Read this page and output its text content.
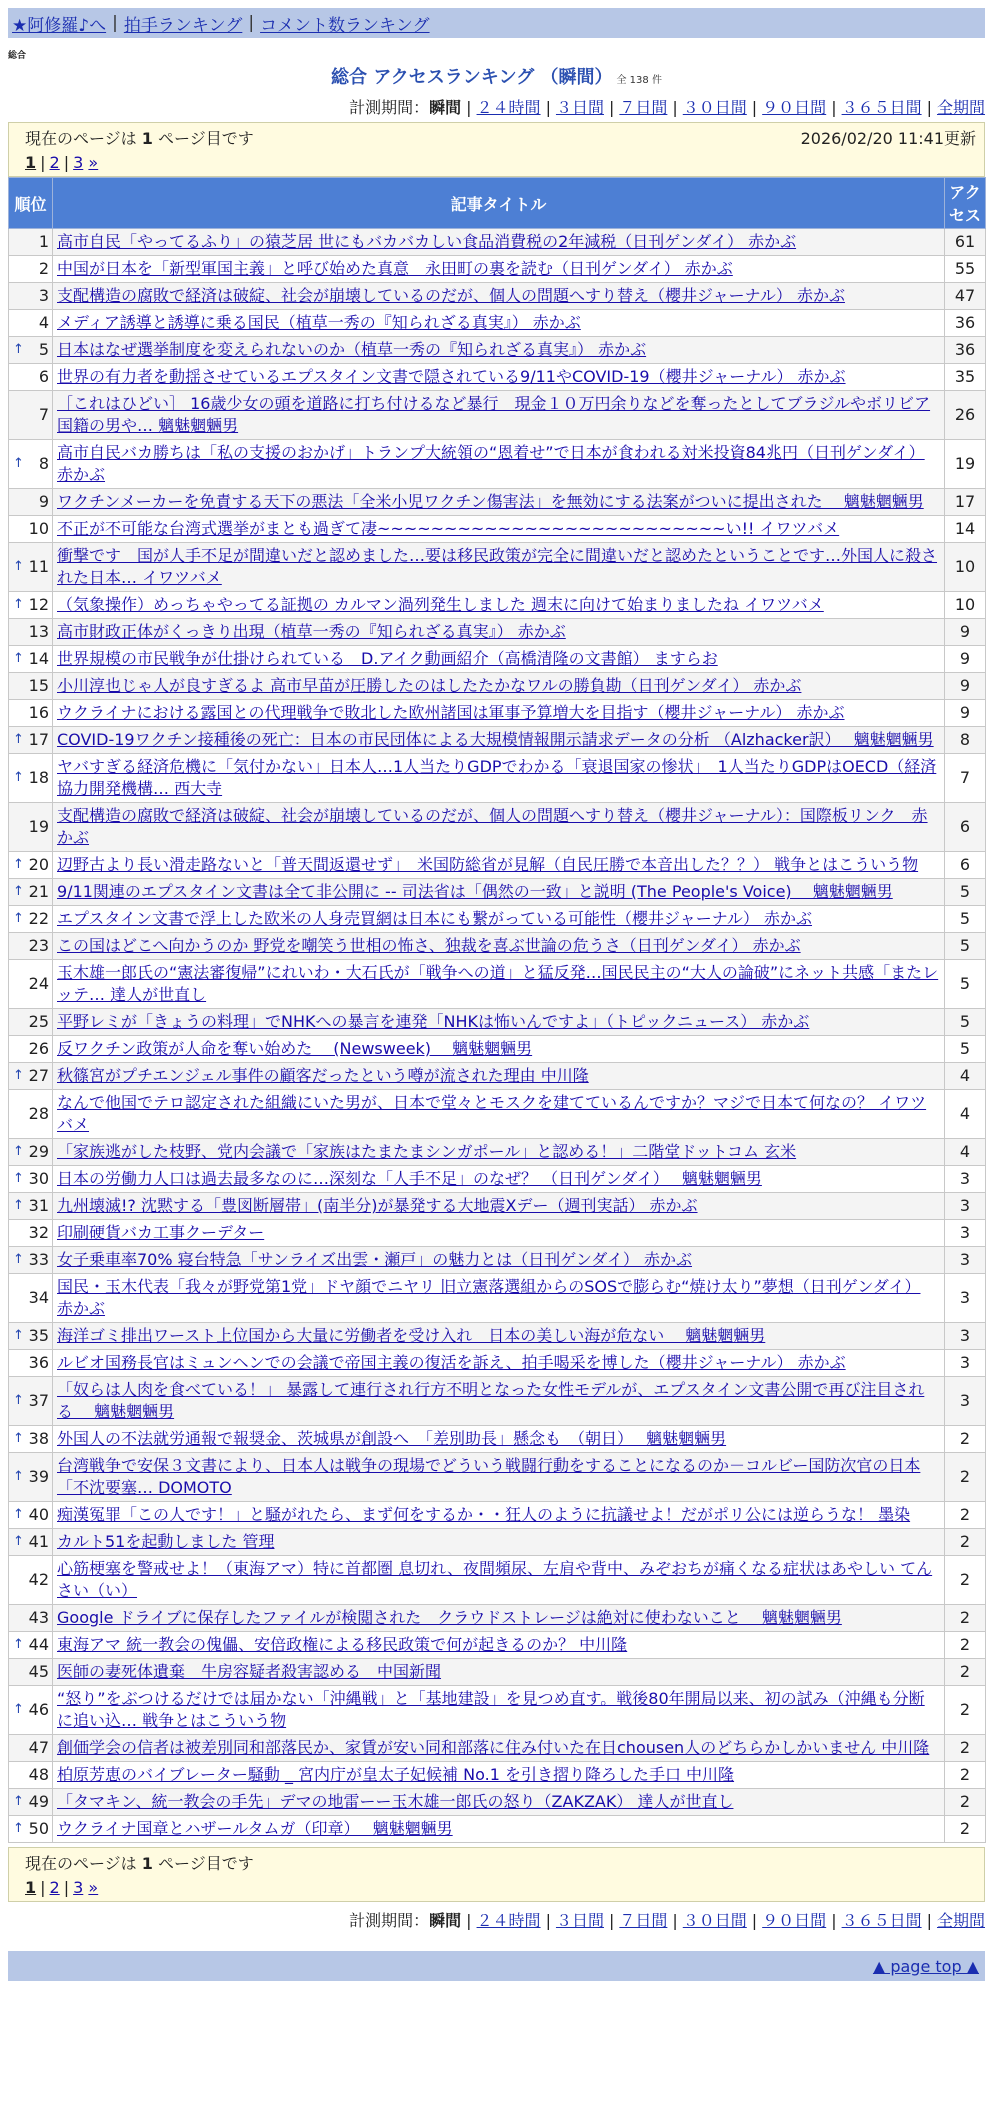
★阿修羅♪へ | 拍手ランキング | コメント数ランキング
総合
総合 アクセスランキング （瞬間） 全 138 件
計測期間：瞬間 | ２４時間 | ３日間 | ７日間 | ３０日間 | ９０日間 | ３６５日間 | 全期間
現在のページは 1 ページ目です	2026/02/20 11:41更新
1 | 2 | 3 »
順位	記事タイトル	アクセス
1	高市自民「やってるふり」の猿芝居 世にもバカバカしい食品消費税の2年減税（日刊ゲンダイ） 赤かぶ	61
2	中国が日本を「新型軍国主義」と呼び始めた真意　永田町の裏を読む（日刊ゲンダイ） 赤かぶ	55
3	支配構造の腐敗で経済は破綻、社会が崩壊しているのだが、個人の問題へすり替え（櫻井ジャーナル） 赤かぶ	47
4	メディア誘導と誘導に乗る国民（植草一秀の『知られざる真実』） 赤かぶ	36

↑ 5	日本はなぜ選挙制度を変えられないのか（植草一秀の『知られざる真実』） 赤かぶ	36
6	世界の有力者を動揺させているエプスタイン文書で隠されている9/11やCOVID-19（櫻井ジャーナル） 赤かぶ	35
7	［これはひどい］ 16歳少女の頭を道路に打ち付けるなど暴行　現金１０万円余りなどを奪ったとしてブラジルやボリビア国籍の男や… 魑魅魍魎男	26

↑ 8	高市自民バカ勝ちは「私の支援のおかげ」トランプ大統領の“恩着せ”で日本が食われる対米投資84兆円（日刊ゲンダイ） 赤かぶ	19
9	ワクチンメーカーを免責する天下の悪法「全米小児ワクチン傷害法」を無効にする法案がついに提出された　 魑魅魍魎男	17
10	不正が不可能な台湾式選挙がまとも過ぎて凄~~~~~~~~~~~~~~~~~~~~~~~~~~い!! イワツバメ	14

↑ 11	衝撃です　国が人手不足が間違いだと認めました…要は移民政策が完全に間違いだと認めたということです…外国人に殺された日本… イワツバメ	10

↑ 12	（気象操作）めっちゃやってる証拠の カルマン渦列発生しました 週末に向けて始まりましたね イワツバメ	10
13	高市財政正体がくっきり出現（植草一秀の『知られざる真実』） 赤かぶ	9

↑ 14	世界規模の市民戦争が仕掛けられている　D.アイク動画紹介（高橋清隆の文書館） ますらお	9
15	小川淳也じゃ人が良すぎるよ 高市早苗が圧勝したのはしたたかなワルの勝負勘（日刊ゲンダイ） 赤かぶ	9
16	ウクライナにおける露国との代理戦争で敗北した欧州諸国は軍事予算増大を目指す（櫻井ジャーナル） 赤かぶ	9

↑ 17	COVID-19ワクチン接種後の死亡：日本の市民団体による大規模情報開示請求データの分析 （Alzhacker訳）　 魑魅魍魎男	8

↑ 18	ヤバすぎる経済危機に「気付かない」日本人…1人当たりGDPでわかる「衰退国家の惨状」　1人当たりGDPはOECD（経済協力開発機構… 西大寺	7
19	支配構造の腐敗で経済は破綻、社会が崩壊しているのだが、個人の問題へすり替え（櫻井ジャーナル）：国際板リンク　赤かぶ	6

↑ 20	辺野古より長い滑走路ないと「普天間返還せず」　米国防総省が見解（自民圧勝で本音出した？？） 戦争とはこういう物	6

↑ 21	9/11関連のエプスタイン文書は全て非公開に -- 司法省は「偶然の一致」と説明 (The People's Voice)　 魑魅魍魎男	5

↑ 22	エプスタイン文書で浮上した欧米の人身売買網は日本にも繋がっている可能性（櫻井ジャーナル） 赤かぶ	5
23	この国はどこへ向かうのか 野党を嘲笑う世相の怖さ、独裁を喜ぶ世論の危うさ（日刊ゲンダイ） 赤かぶ	5
24	玉木雄一郎氏の“憲法審復帰”にれいわ・大石氏が「戦争への道」と猛反発…国民民主の“大人の論破”にネット共感「またレッテ… 達人が世直し	5
25	平野レミが「きょうの料理」でNHKへの暴言を連発「NHKは怖いんですよ」（トピックニュース） 赤かぶ	5
26	反ワクチン政策が人命を奪い始めた　 (Newsweek)　 魑魅魍魎男	5

↑ 27	秋篠宮がプチエンジェル事件の顧客だったという噂が流された理由 中川隆	4
28	なんで他国でテロ認定された組織にいた男が、日本で堂々とモスクを建てているんですか？マジで日本て何なの？ イワツバメ	4

↑ 29	「家族逃がした枝野、党内会議で「家族はたまたまシンガポール」と認める！」二階堂ドットコム 玄米	4

↑ 30	日本の労働力人口は過去最多なのに…深刻な「人手不足」のなぜ？ （日刊ゲンダイ）　 魑魅魍魎男	3

↑ 31	九州壊滅!? 沈黙する「豊図断層帯」(南半分)が暴発する大地震Xデー（週刊実話） 赤かぶ	3
32	印刷硬貨バカ工事クーデター	3

↑ 33	女子乗車率70% 寝台特急「サンライズ出雲・瀬戸」の魅力とは（日刊ゲンダイ） 赤かぶ	3
34	国民・玉木代表「我々が野党第1党」ドヤ顔でニヤリ 旧立憲落選組からのSOSで膨らむ“焼け太り”夢想（日刊ゲンダイ） 赤かぶ	3

↑ 35	海洋ゴミ排出ワースト上位国から大量に労働者を受け入れ　日本の美しい海が危ない　 魑魅魍魎男	3
36	ルビオ国務長官はミュンヘンでの会議で帝国主義の復活を訴え、拍手喝采を博した（櫻井ジャーナル） 赤かぶ	3

↑ 37	「奴らは人肉を食べている！」 暴露して連行され行方不明となった女性モデルが、エプスタイン文書公開で再び注目される　 魑魅魍魎男	3

↑ 38	外国人の不法就労通報で報奨金、茨城県が創設へ　「差別助長」懸念も　（朝日）　 魑魅魍魎男	2

↑ 39	台湾戦争で安保３文書により、日本人は戦争の現場でどういう戦闘行動をすることになるのか－コルビー国防次官の日本「不沈要塞… DOMOTO	2

↑ 40	痴漢冤罪「この人です！」と騒がれたら、まず何をするか・・狂人のように抗議せよ！だがポリ公には逆らうな！ 墨染	2

↑ 41	カルト51を起動しました 管理	2
42	心筋梗塞を警戒せよ！（東海アマ）特に首都圏 息切れ、夜間頻尿、左肩や背中、みぞおちが痛くなる症状はあやしい てんさい（い）	2
43	Google ドライブに保存したファイルが検閲された　クラウドストレージは絶対に使わないこと　 魑魅魍魎男	2

↑ 44	東海アマ 統一教会の傀儡、安倍政権による移民政策で何が起きるのか？ 中川隆	2
45	医師の妻死体遺棄　牛房容疑者殺害認める　中国新聞	2

↑ 46	“怒り”をぶつけるだけでは届かない「沖縄戦」と「基地建設」を見つめ直す。戦後80年開局以来、初の試み（沖縄も分断に追い込… 戦争とはこういう物	2
47	創価学会の信者は被差別同和部落民か、家賃が安い同和部落に住み付いた在日chousen人のどちらかしかいません 中川隆	2
48	柏原芳恵のバイブレーター騒動 _ 宮内庁が皇太子妃候補 No.1 を引き摺り降ろした手口 中川隆	2

↑ 49	「タマキン、統一教会の手先」デマの地雷ーー玉木雄一郎氏の怒り（ZAKZAK） 達人が世直し	2

↑ 50	ウクライナ国章とハザールタムガ（印章）　 魑魅魍魎男	2
現在のページは 1 ページ目です
1 | 2 | 3 »
計測期間：瞬間 | ２４時間 | ３日間 | ７日間 | ３０日間 | ９０日間 | ３６５日間 | 全期間
▲ page top ▲
